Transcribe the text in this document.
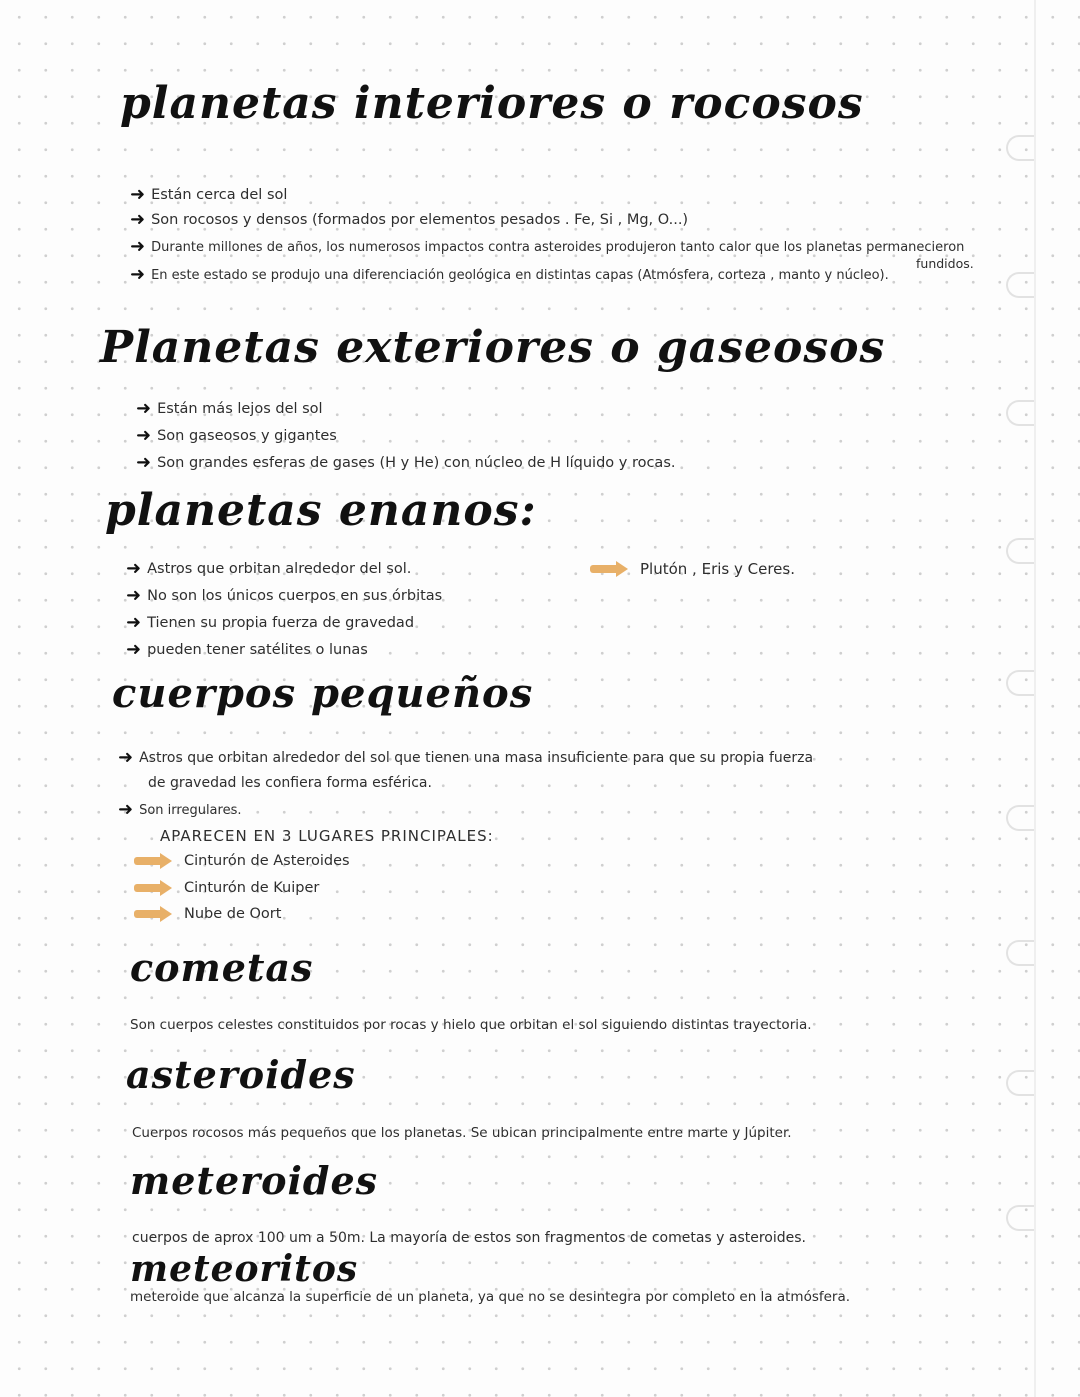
planetas interiores o rocosos
➜ Están cerca del sol
➜ Son rocosos y densos (formados por elementos pesados . Fe, Si , Mg, O...)
➜ Durante millones de años, los numerosos impactos contra asteroides produjeron tanto calor que los planetas permanecieron
fundidos.
➜ En este estado se produjo una diferenciación geológica en distintas capas (Atmósfera, corteza , manto y núcleo).
Planetas exteriores o gaseosos
➜ Están más lejos del sol
➜ Son gaseosos y gigantes
➜ Son grandes esferas de gases (H y He) con núcleo de H líquido y rocas.
planetas enanos:
➜ Astros que orbitan alrededor del sol.
➜ No son los únicos cuerpos en sus órbitas
➜ Tienen su propia fuerza de gravedad
➜ pueden tener satélites o lunas
Plutón , Eris y Ceres.
cuerpos pequeños
➜ Astros que orbitan alrededor del sol que tienen una masa insuficiente para que su propia fuerza
de gravedad les confiera forma esférica.
➜ Son irregulares.
APARECEN EN 3 LUGARES PRINCIPALES:
Cinturón de Asteroides
Cinturón de Kuiper
Nube de Oort
cometas
Son cuerpos celestes constituidos por rocas y hielo que orbitan el sol siguiendo distintas trayectoria.
asteroides
Cuerpos rocosos más pequeños que los planetas. Se ubican principalmente entre marte y Júpiter.
meteroides
cuerpos de aprox 100 um a 50m. La mayoría de estos son fragmentos de cometas y asteroides.
meteoritos
meteroide que alcanza la superficie de un planeta, ya que no se desintegra por completo en la atmósfera.
